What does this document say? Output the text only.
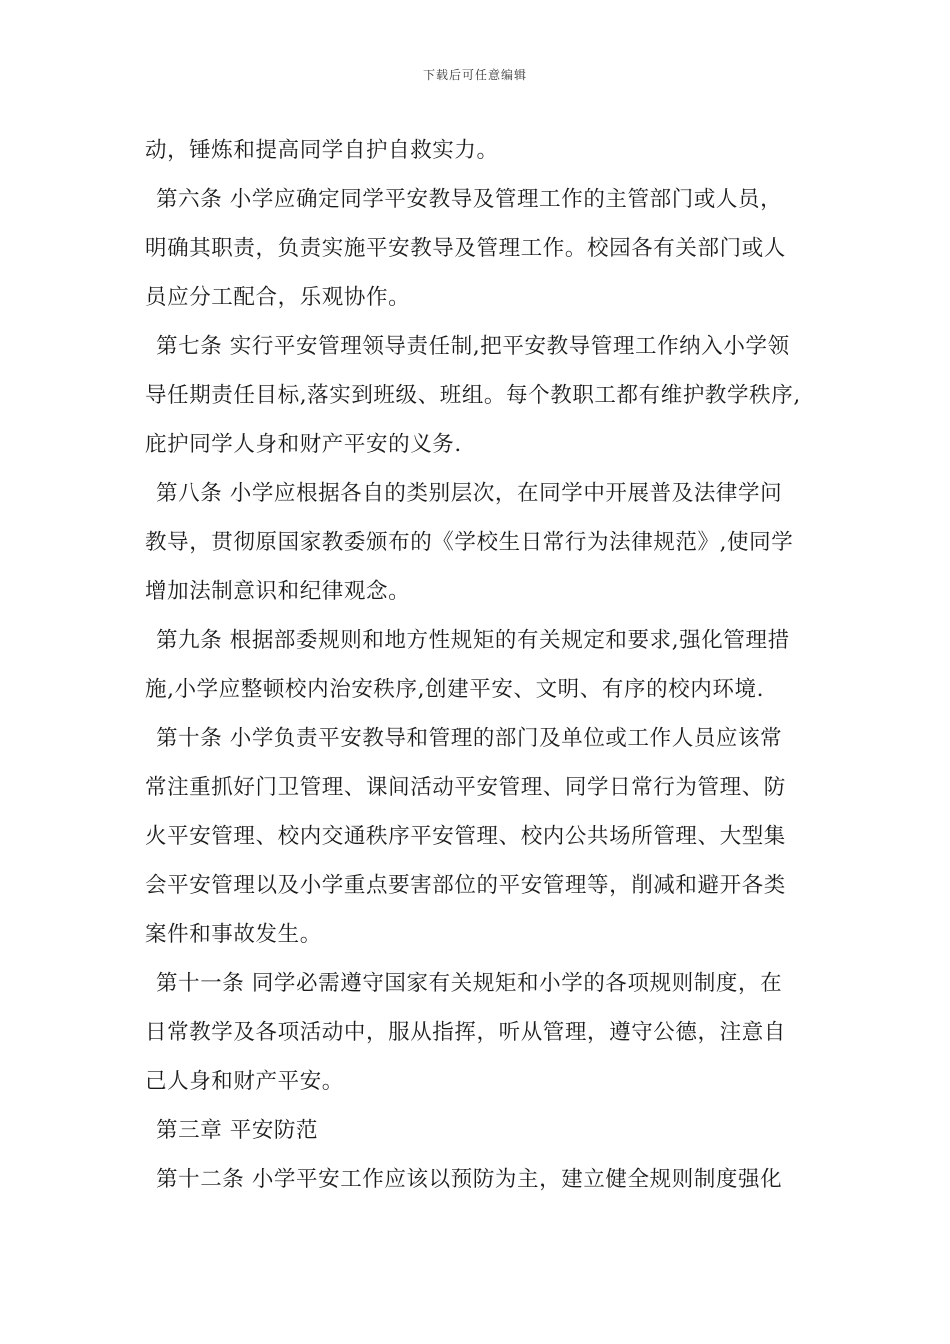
下载后可任意编辑
动，锤炼和提高同学自护自救实力。
第六条 小学应确定同学平安教导及管理工作的主管部门或人员，
明确其职责，负责实施平安教导及管理工作。校园各有关部门或人
员应分工配合，乐观协作。
第七条 实行平安管理领导责任制,把平安教导管理工作纳入小学领
导任期责任目标,落实到班级、班组。每个教职工都有维护教学秩序,
庇护同学人身和财产平安的义务.
第八条 小学应根据各自的类别层次，在同学中开展普及法律学问
教导，贯彻原国家教委颁布的《学校生日常行为法律规范》,使同学
增加法制意识和纪律观念。
第九条 根据部委规则和地方性规矩的有关规定和要求,强化管理措
施,小学应整顿校内治安秩序,创建平安、文明、有序的校内环境.
第十条 小学负责平安教导和管理的部门及单位或工作人员应该常
常注重抓好门卫管理、课间活动平安管理、同学日常行为管理、防
火平安管理、校内交通秩序平安管理、校内公共场所管理、大型集
会平安管理以及小学重点要害部位的平安管理等，削减和避开各类
案件和事故发生。
第十一条 同学必需遵守国家有关规矩和小学的各项规则制度，在
日常教学及各项活动中，服从指挥，听从管理，遵守公德，注意自
己人身和财产平安。
第三章 平安防范
第十二条 小学平安工作应该以预防为主，建立健全规则制度强化
